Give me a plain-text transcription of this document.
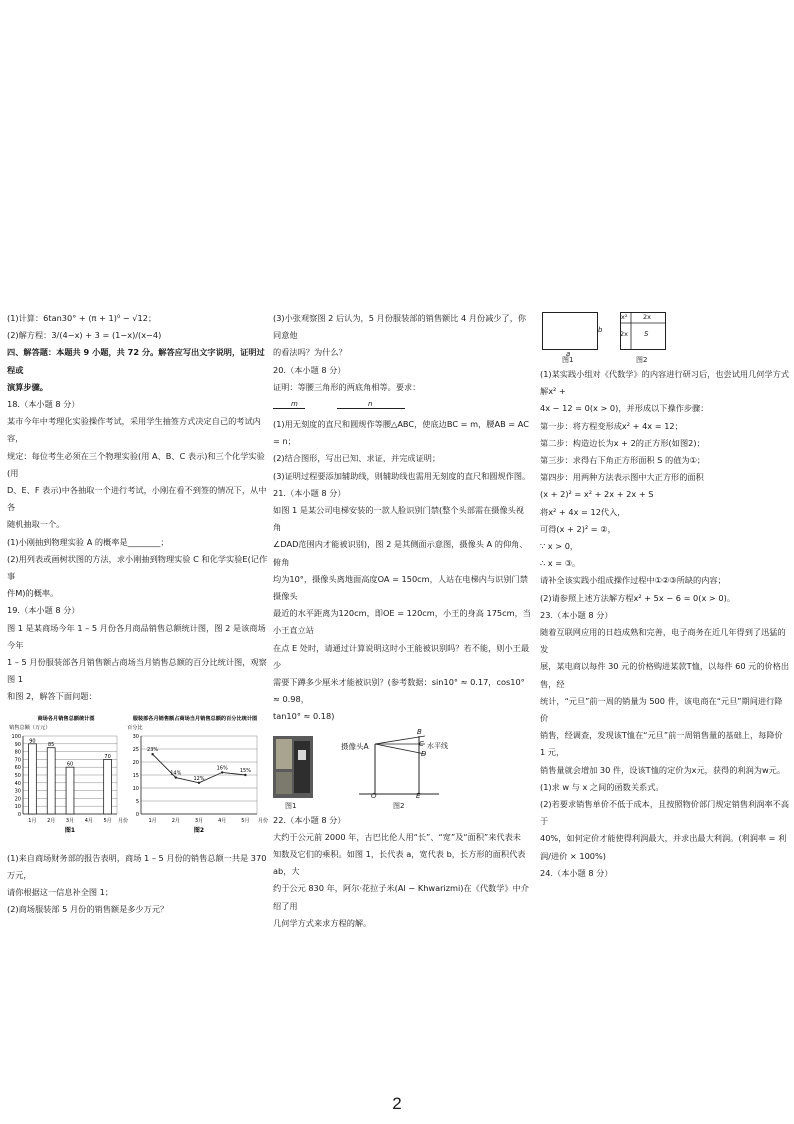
(1)计算：6tan30° + (π + 1)⁰ − √12；

(2)解方程：3/(4−x) + 3 = (1−x)/(x−4)

四、解答题：本题共 9 小题，共 72 分。解答应写出文字说明，证明过程或

演算步骤。

18.（本小题 8 分）

某市今年中考理化实验操作考试，采用学生抽签方式决定自己的考试内容，

规定：每位考生必须在三个物理实验(用 A、B、C 表示)和三个化学实验(用

D、E、F 表示)中各抽取一个进行考试，小刚在看不到签的情况下，从中各

随机抽取一个。

(1)小刚抽到物理实验 A 的概率是________；

(2)用列表或画树状图的方法，求小刚抽到物理实验 C 和化学实验E(记作事

件M)的概率。

19.（本小题 8 分）

图 1 是某商场今年 1 – 5 月份各月商品销售总额统计图，图 2 是该商场今年

1 – 5 月份服装部各月销售额占商场当月销售总额的百分比统计图，观察图 1

和图 2，解答下面问题：

商场各月销售总额统计图
销售总额（万元）
0
10
20
30
40
50
60
70
80
90
100
1月 2月 3月 4月 5月 月份
图1
90
85
60
70
服装部各月销售额占商场当月销售总额的百分比统计图
百分比
0
5
10
15
20
25
30
1月	2月	3月	4月	5月 月份
图2
23%
14%
12%
16% 15%

(1)来自商场财务部的报告表明，商场 1 – 5 月份的销售总额一共是 370 万元，

请你根据这一信息补全图 1；

(2)商场服装部 5 月份的销售额是多少万元？

(3)小张观察图 2 后认为，5 月份服装部的销售额比 4 月份减少了，你同意他

的看法吗？为什么？

20.（本小题 8 分）

证明：等腰三角形的两底角相等。要求：

m	n

(1)用无刻度的直尺和圆规作等腰△ABC，使底边BC = m，腰AB = AC = n；

(2)结合图形，写出已知、求证，并完成证明；

(3)证明过程要添加辅助线，则辅助线也需用无刻度的直尺和圆规作图。

21.（本小题 8 分）

如图 1 是某公司电梯安装的一款人脸识别门禁(整个头部需在摄像头视角

∠DAD范围内才能被识别)，图 2 是其侧面示意图，摄像头 A 的仰角、俯角

均为10°，摄像头离地面高度OA = 150cm，人站在电梯内与识别门禁摄像头

最近的水平距离为120cm，即OE = 120cm，小王的身高 175cm，当小王直立站

在点 E 处时，请通过计算说明这时小王能被识别吗？若不能，则小王最少

需要下蹲多少厘米才能被识别？(参考数据：sin10° ≈ 0.17，cos10° ≈ 0.98，

tan10° ≈ 0.18)

图1
摄像头A	水平线
B
C
D
O	E
图2

22.（本小题 8 分）

大约于公元前 2000 年，古巴比伦人用“长”、“宽”及“面积”来代表未

知数及它们的乘积。如图 1，长代表 a，宽代表 b，长方形的面积代表ab，大

约于公元 830 年，阿尔·花拉子米(Al − Khwarizmi)在《代数学》中介绍了用

几何学方式来求方程的解。

b
a
图1
x² 2x
2x S
图2

(1)某实践小组对《代数学》的内容进行研习后，也尝试用几何学方式解x² +

4x − 12 = 0(x > 0)，并形成以下操作步骤：

第一步：将方程变形成x² + 4x = 12；

第二步：构造边长为x + 2的正方形(如图2)；

第三步：求得右下角正方形面积 S 的值为①；

第四步：用两种方法表示图中大正方形的面积

(x + 2)² = x² + 2x + 2x + S

将x² + 4x = 12代入，

可得(x + 2)² = ②，

∵ x > 0，

∴ x = ③。

请补全该实践小组成操作过程中①②③所缺的内容；

(2)请参照上述方法解方程x² + 5x − 6 = 0(x > 0)。

23.（本小题 8 分）

随着互联网应用的日趋成熟和完善，电子商务在近几年得到了迅猛的发

展，某电商以每件 30 元的价格购进某款T恤，以每件 60 元的价格出售，经

统计，“元旦”前一周的销量为 500 件，该电商在“元旦”期间进行降价

销售，经调查，发现该T恤在“元旦”前一周销售量的基础上，每降价 1 元，

销售量就会增加 30 件，设该T恤的定价为x元，获得的利润为w元。

(1)求 w 与 x 之间的函数关系式。

(2)若要求销售单价不低于成本，且按照物价部门规定销售利润率不高于

40%，如何定价才能使得利润最大，并求出最大利润。(利润率 = 利润/进价 × 100%)

24.（本小题 8 分）

2
